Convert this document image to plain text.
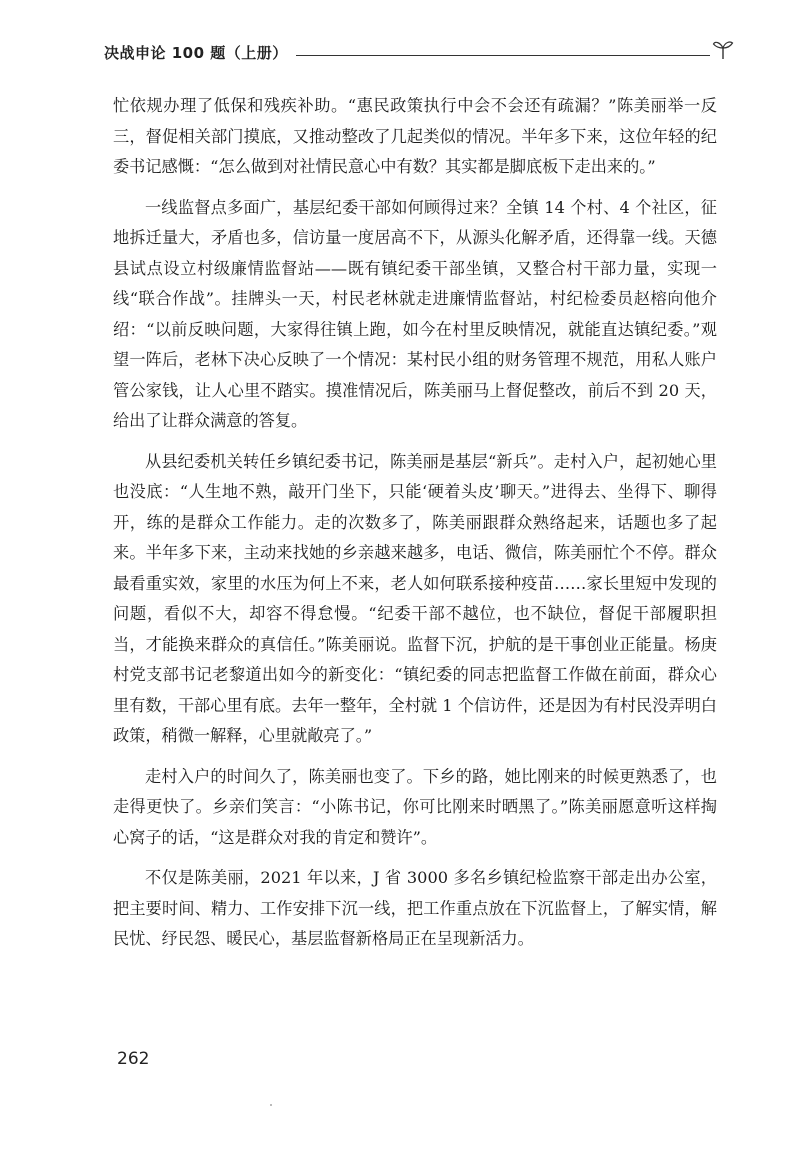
决战申论 100 题（上册）

忙依规办理了低保和残疾补助。“惠民政策执行中会不会还有疏漏？”陈美丽举一反三，督促相关部门摸底，又推动整改了几起类似的情况。半年多下来，这位年轻的纪委书记感慨：“怎么做到对社情民意心中有数？其实都是脚底板下走出来的。”

一线监督点多面广，基层纪委干部如何顾得过来？全镇 14 个村、4 个社区，征地拆迁量大，矛盾也多，信访量一度居高不下，从源头化解矛盾，还得靠一线。天德县试点设立村级廉情监督站——既有镇纪委干部坐镇，又整合村干部力量，实现一线“联合作战”。挂牌头一天，村民老林就走进廉情监督站，村纪检委员赵榕向他介绍：“以前反映问题，大家得往镇上跑，如今在村里反映情况，就能直达镇纪委。”观望一阵后，老林下决心反映了一个情况：某村民小组的财务管理不规范，用私人账户管公家钱，让人心里不踏实。摸准情况后，陈美丽马上督促整改，前后不到 20 天，给出了让群众满意的答复。

从县纪委机关转任乡镇纪委书记，陈美丽是基层“新兵”。走村入户，起初她心里也没底：“人生地不熟，敲开门坐下，只能‘硬着头皮’聊天。”进得去、坐得下、聊得开，练的是群众工作能力。走的次数多了，陈美丽跟群众熟络起来，话题也多了起来。半年多下来，主动来找她的乡亲越来越多，电话、微信，陈美丽忙个不停。群众最看重实效，家里的水压为何上不来，老人如何联系接种疫苗……家长里短中发现的问题，看似不大，却容不得怠慢。“纪委干部不越位，也不缺位，督促干部履职担当，才能换来群众的真信任。”陈美丽说。监督下沉，护航的是干事创业正能量。杨庚村党支部书记老黎道出如今的新变化：“镇纪委的同志把监督工作做在前面，群众心里有数，干部心里有底。去年一整年，全村就 1 个信访件，还是因为有村民没弄明白政策，稍微一解释，心里就敞亮了。”

走村入户的时间久了，陈美丽也变了。下乡的路，她比刚来的时候更熟悉了，也走得更快了。乡亲们笑言：“小陈书记，你可比刚来时晒黑了。”陈美丽愿意听这样掏心窝子的话，“这是群众对我的肯定和赞许”。

不仅是陈美丽，2021 年以来，J 省 3000 多名乡镇纪检监察干部走出办公室，把主要时间、精力、工作安排下沉一线，把工作重点放在下沉监督上，了解实情，解民忧、纾民怨、暖民心，基层监督新格局正在呈现新活力。

262
